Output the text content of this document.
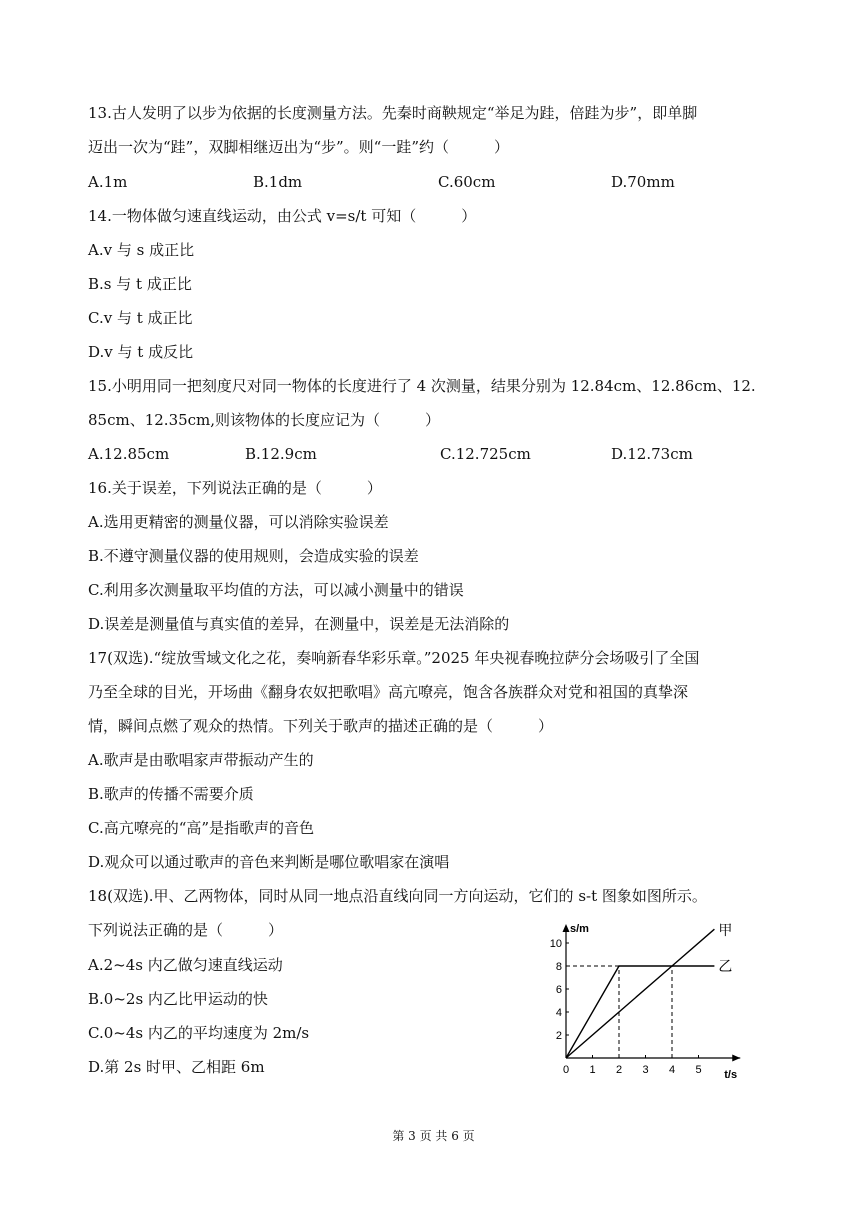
13.古人发明了以步为依据的长度测量方法。先秦时商鞅规定“举足为跬，倍跬为步”，即单脚
迈出一次为“跬”，双脚相继迈出为“步”。则“一跬”约（　　　）
A.1m	B.1dm	C.60cm	D.70mm
14.一物体做匀速直线运动，由公式 v=s/t 可知（　　　）
A.v 与 s 成正比
B.s 与 t 成正比
C.v 与 t 成正比
D.v 与 t 成反比
15.小明用同一把刻度尺对同一物体的长度进行了 4 次测量，结果分别为 12.84cm、12.86cm、12.
85cm、12.35cm,则该物体的长度应记为（　　　）
A.12.85cm	B.12.9cm	C.12.725cm	D.12.73cm
16.关于误差，下列说法正确的是（　　　）
A.选用更精密的测量仪器，可以消除实验误差
B.不遵守测量仪器的使用规则，会造成实验的误差
C.利用多次测量取平均值的方法，可以减小测量中的错误
D.误差是测量值与真实值的差异，在测量中，误差是无法消除的
17(双选).“绽放雪域文化之花，奏响新春华彩乐章。”2025 年央视春晚拉萨分会场吸引了全国
乃至全球的目光，开场曲《翻身农奴把歌唱》高亢嘹亮，饱含各族群众对党和祖国的真挚深
情，瞬间点燃了观众的热情。下列关于歌声的描述正确的是（　　　）
A.歌声是由歌唱家声带振动产生的
B.歌声的传播不需要介质
C.高亢嘹亮的“高”是指歌声的音色
D.观众可以通过歌声的音色来判断是哪位歌唱家在演唱
18(双选).甲、乙两物体，同时从同一地点沿直线向同一方向运动，它们的 s-t 图象如图所示。
下列说法正确的是（　　　）
A.2~4s 内乙做匀速直线运动
B.0~2s 内乙比甲运动的快
C.0~4s 内乙的平均速度为 2m/s
D.第 2s 时甲、乙相距 6m
s/m
t/s
0 1 2 3 4 5
2
4
6
8
10
甲
乙
第 3 页 共 6 页
